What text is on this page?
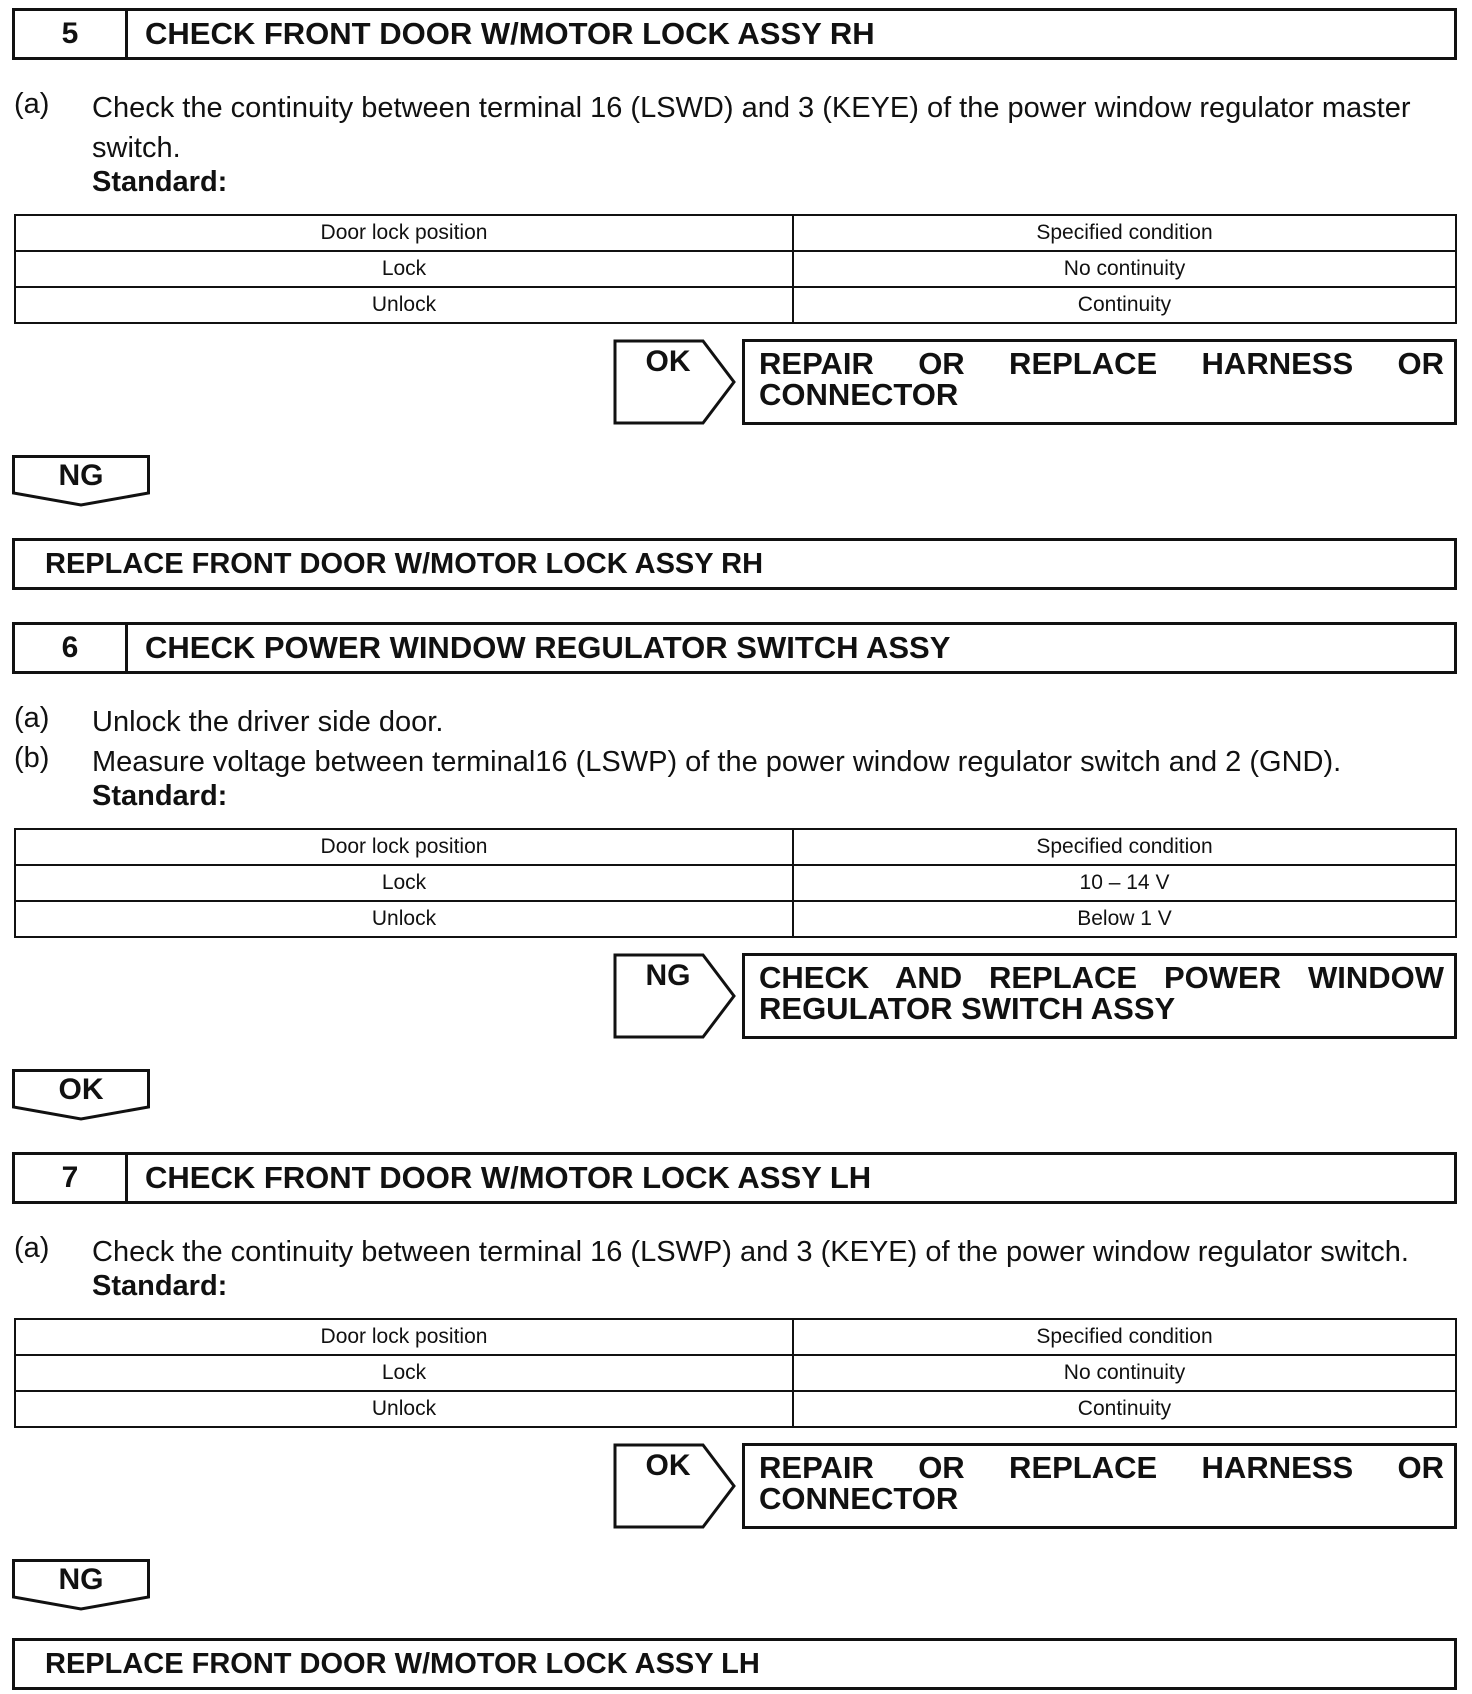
5	CHECK FRONT DOOR W/MOTOR LOCK ASSY RH
(a) Check the continuity between terminal 16 (LSWD) and 3 (KEYE) of the power window regulator master switch.
Standard:
Door lock position	Specified condition
Lock	No continuity
Unlock	Continuity
OK	REPAIR OR REPLACE HARNESS OR CONNECTOR
NG
REPLACE FRONT DOOR W/MOTOR LOCK ASSY RH
6	CHECK POWER WINDOW REGULATOR SWITCH ASSY
(a) Unlock the driver side door.
(b) Measure voltage between terminal16 (LSWP) of the power window regulator switch and 2 (GND).
Standard:
Door lock position	Specified condition
Lock	10 – 14 V
Unlock	Below 1 V
NG	CHECK AND REPLACE POWER WINDOW REGULATOR SWITCH ASSY
OK
7	CHECK FRONT DOOR W/MOTOR LOCK ASSY LH
(a) Check the continuity between terminal 16 (LSWP) and 3 (KEYE) of the power window regulator switch.
Standard:
Door lock position	Specified condition
Lock	No continuity
Unlock	Continuity
OK	REPAIR OR REPLACE HARNESS OR CONNECTOR
NG
REPLACE FRONT DOOR W/MOTOR LOCK ASSY LH
